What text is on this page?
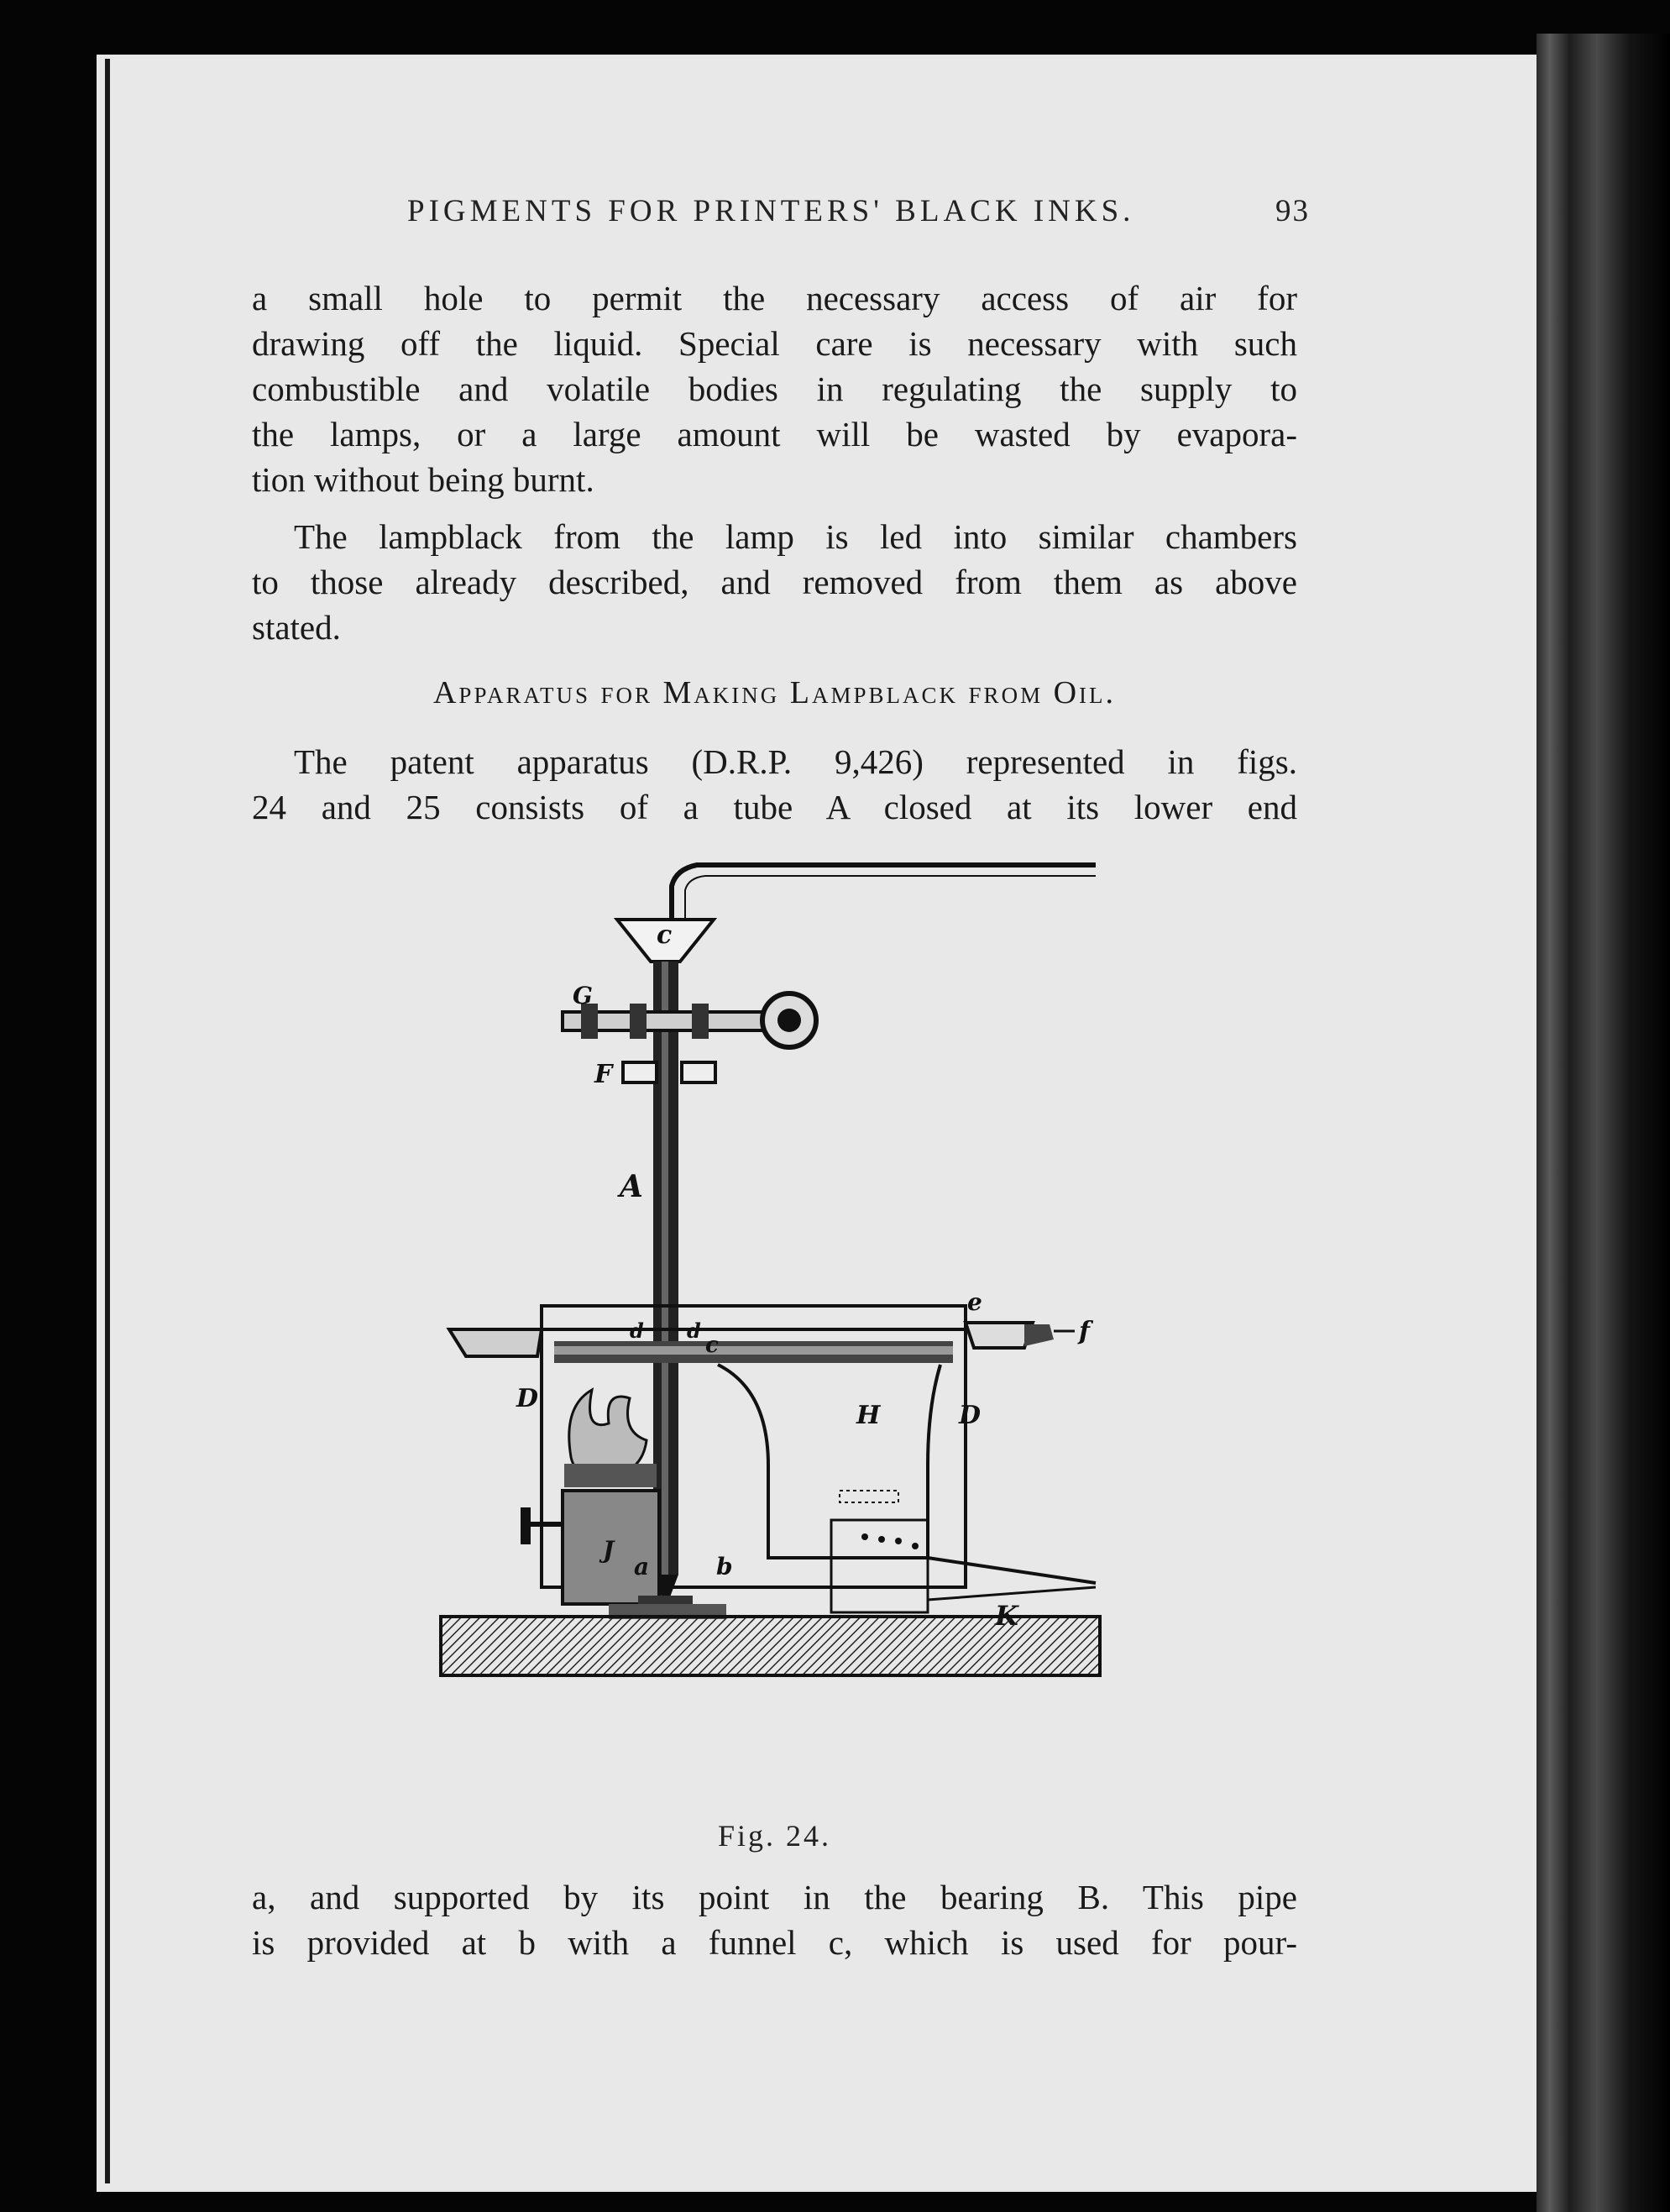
PIGMENTS FOR PRINTERS' BLACK INKS.	93
a small hole to permit the necessary access of air for
drawing off the liquid. Special care is necessary with such
combustible and volatile bodies in regulating the supply to
the lamps, or a large amount will be wasted by evapora-
tion without being burnt.
The lampblack from the lamp is led into similar chambers
to those already described, and removed from them as above
stated.
Apparatus for Making Lampblack from Oil.
The patent apparatus (D.R.P. 9,426) represented in figs.
24 and 25 consists of a tube A closed at its lower end
c
G
F
A
e
f
c
d d
D
D
H
J
B
a	b
Fig. 24.
a, and supported by its point in the bearing B. This pipe
is provided at b with a funnel c, which is used for pour-
